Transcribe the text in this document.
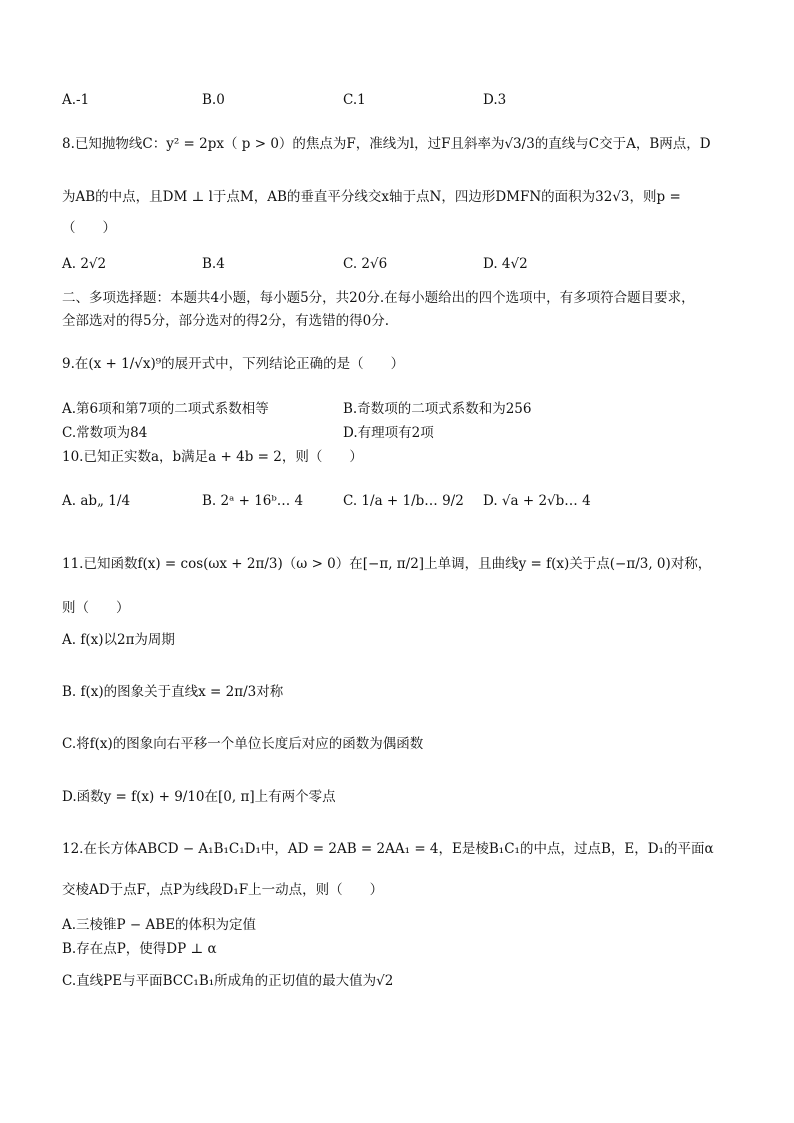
A.-1	B.0	C.1	D.3
8.已知抛物线C：y² = 2px（ p > 0）的焦点为F，准线为l，过F且斜率为√3/3的直线与C交于A，B两点，D
为AB的中点，且DM ⊥ l于点M，AB的垂直平分线交x轴于点N，四边形DMFN的面积为32√3，则p =
（　　）
A. 2√2	B.4	C. 2√6	D. 4√2
二、多项选择题：本题共4小题，每小题5分，共20分.在每小题给出的四个选项中，有多项符合题目要求，
全部选对的得5分，部分选对的得2分，有选错的得0分.
9.在(x + 1/√x)⁹的展开式中，下列结论正确的是（　　）
A.第6项和第7项的二项式系数相等	B.奇数项的二项式系数和为256
C.常数项为84	D.有理项有2项
10.已知正实数a，b满足a + 4b = 2，则（　　）
A. ab„ 1/4	B. 2ᵃ + 16ᵇ… 4	C. 1/a + 1/b… 9/2 D. √a + 2√b… 4
11.已知函数f(x) = cos(ωx + 2π/3)（ω > 0）在[−π, π/2]上单调，且曲线y = f(x)关于点(−π/3, 0)对称，
则（　　）
A. f(x)以2π为周期
B. f(x)的图象关于直线x = 2π/3对称
C.将f(x)的图象向右平移一个单位长度后对应的函数为偶函数
D.函数y = f(x) + 9/10在[0, π]上有两个零点
12.在长方体ABCD − A₁B₁C₁D₁中，AD = 2AB = 2AA₁ = 4，E是棱B₁C₁的中点，过点B，E，D₁的平面α
交棱AD于点F，点P为线段D₁F上一动点，则（　　）
A.三棱锥P − ABE的体积为定值
B.存在点P，使得DP ⊥ α
C.直线PE与平面BCC₁B₁所成角的正切值的最大值为√2
